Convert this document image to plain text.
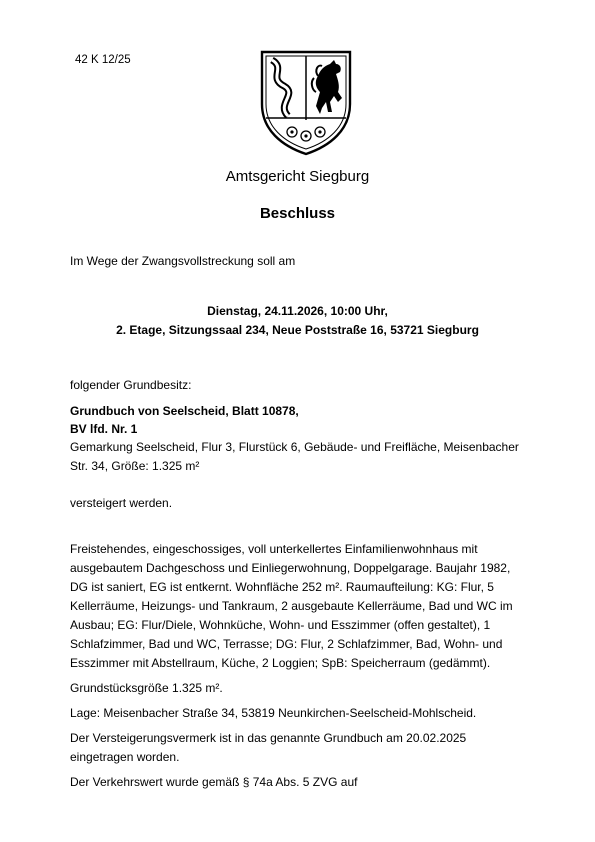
42 K 12/25
Amtsgericht Siegburg
Beschluss
Im Wege der Zwangsvollstreckung soll am
Dienstag, 24.11.2026, 10:00 Uhr,
2. Etage, Sitzungssaal 234, Neue Poststraße 16, 53721 Siegburg
folgender Grundbesitz:
Grundbuch von Seelscheid, Blatt 10878,
BV lfd. Nr. 1
Gemarkung Seelscheid, Flur 3, Flurstück 6, Gebäude- und Freifläche, Meisenbacher Str. 34, Größe: 1.325 m²
versteigert werden.
Freistehendes, eingeschossiges, voll unterkellertes Einfamilienwohnhaus mit ausgebautem Dachgeschoss und Einliegerwohnung, Doppelgarage. Baujahr 1982, DG ist saniert, EG ist entkernt. Wohnfläche 252 m². Raumaufteilung: KG: Flur, 5 Kellerräume, Heizungs- und Tankraum, 2 ausgebaute Kellerräume, Bad und WC im Ausbau; EG: Flur/Diele, Wohnküche, Wohn- und Esszimmer (offen gestaltet), 1 Schlafzimmer, Bad und WC, Terrasse; DG: Flur, 2 Schlafzimmer, Bad, Wohn- und Esszimmer mit Abstellraum, Küche, 2 Loggien; SpB: Speicherraum (gedämmt).
Grundstücksgröße 1.325 m².
Lage: Meisenbacher Straße 34, 53819 Neunkirchen-Seelscheid-Mohlscheid.
Der Versteigerungsvermerk ist in das genannte Grundbuch am 20.02.2025 eingetragen worden.
Der Verkehrswert wurde gemäß § 74a Abs. 5 ZVG auf
